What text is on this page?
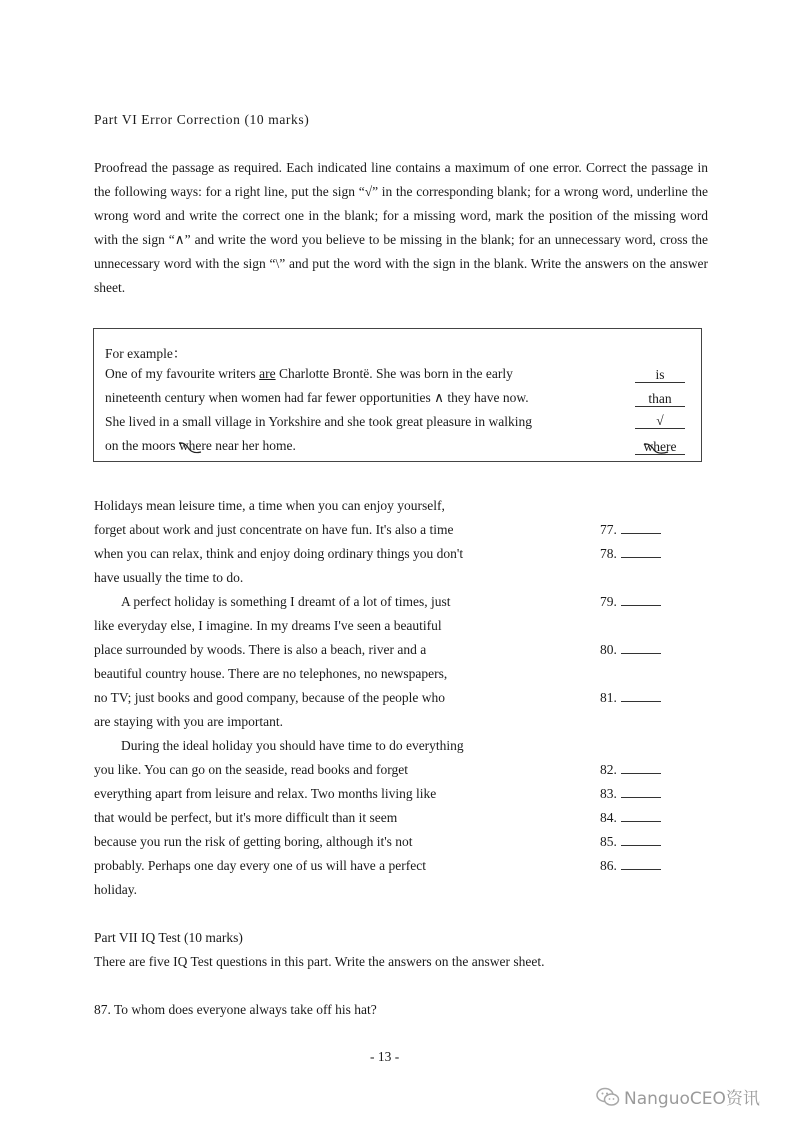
Part VI Error Correction (10 marks)
Proofread the passage as required. Each indicated line contains a maximum of one error. Correct the passage in the following ways: for a right line, put the sign “√” in the corresponding blank; for a wrong word, underline the wrong word and write the correct one in the blank; for a missing word, mark the position of the missing word with the sign “∧” and write the word you believe to be missing in the blank; for an unnecessary word, cross the unnecessary word with the sign “\” and put the word with the sign in the blank. Write the answers on the answer sheet.
For example：
One of my favourite writers are Charlotte Brontë. She was born in the early
nineteenth century when women had far fewer opportunities ∧ they have now.
She lived in a small village in Yorkshire and she took great pleasure in walking
on the moors where
near her home.
is
than
√
where
Holidays mean leisure time, a time when you can enjoy yourself,
forget about work and just concentrate on have fun. It's also a time
when you can relax, think and enjoy doing ordinary things you don't
have usually the time to do.
A perfect holiday is something I dreamt of a lot of times, just
like everyday else, I imagine. In my dreams I've seen a beautiful
place surrounded by woods. There is also a beach, river and a
beautiful country house. There are no telephones, no newspapers,
no TV; just books and good company, because of the people who
are staying with you are important.
During the ideal holiday you should have time to do everything
you like. You can go on the seaside, read books and forget
everything apart from leisure and relax. Two months living like
that would be perfect, but it's more difficult than it seem
because you run the risk of getting boring, although it's not
probably. Perhaps one day every one of us will have a perfect
holiday.
77.
78.
79.
80.
81.
82.
83.
84.
85.
86.
Part VII IQ Test (10 marks)
There are five IQ Test questions in this part. Write the answers on the answer sheet.
87. To whom does everyone always take off his hat?
- 13 -
NanguoCEO资讯
